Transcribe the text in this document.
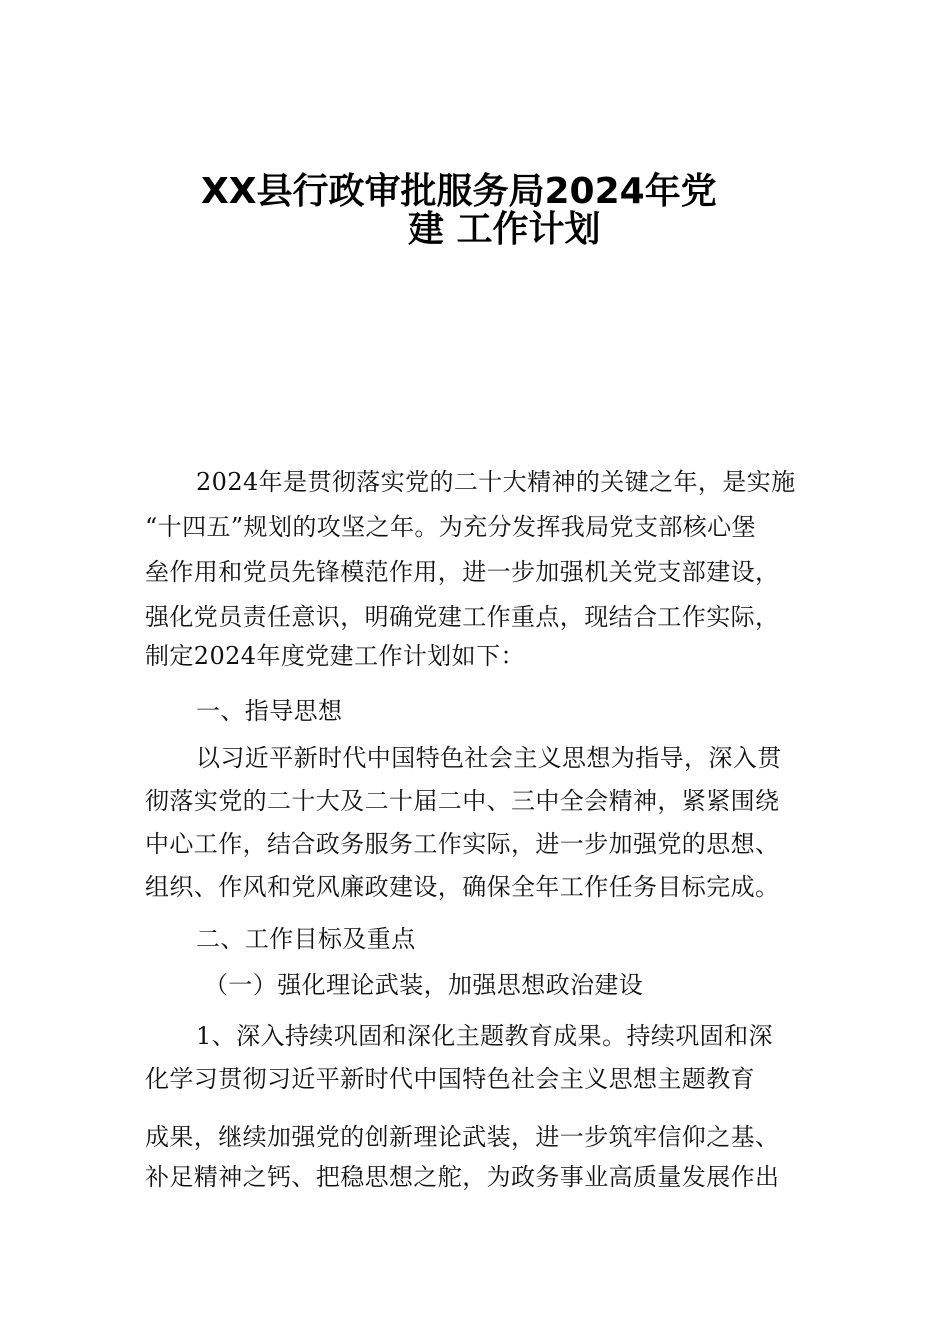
XX县行政审批服务局2024年党
建 工作计划
2024年是贯彻落实党的二十大精神的关键之年，是实施
“十四五”规划的攻坚之年。为充分发挥我局党支部核心堡
垒作用和党员先锋模范作用，进一步加强机关党支部建设，
强化党员责任意识，明确党建工作重点，现结合工作实际，
制定2024年度党建工作计划如下：
一、指导思想
以习近平新时代中国特色社会主义思想为指导，深入贯
彻落实党的二十大及二十届二中、三中全会精神，紧紧围绕
中心工作，结合政务服务工作实际，进一步加强党的思想、
组织、作风和党风廉政建设，确保全年工作任务目标完成。
二、工作目标及重点
（一）强化理论武装，加强思想政治建设
1、深入持续巩固和深化主题教育成果。持续巩固和深
化学习贯彻习近平新时代中国特色社会主义思想主题教育
成果，继续加强党的创新理论武装，进一步筑牢信仰之基、
补足精神之钙、把稳思想之舵，为政务事业高质量发展作出
